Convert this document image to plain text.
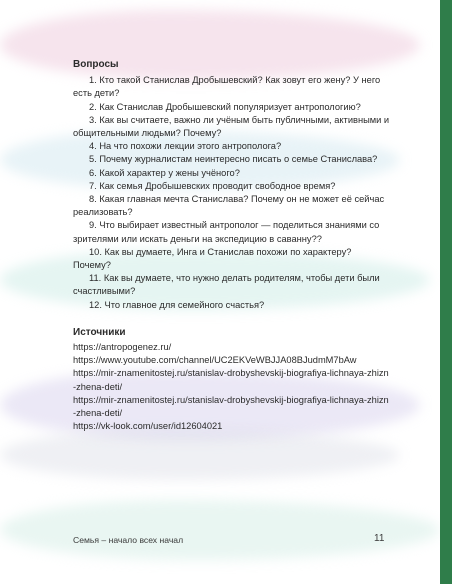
Вопросы

1. Кто такой Станислав Дробышевский? Как зовут его жену? У него есть дети?

2. Как Станислав Дробышевский популяризует антропологию?

3. Как вы считаете, важно ли учёным быть публичными, активными и общительными людьми? Почему?

4. На что похожи лекции этого антрополога?

5. Почему журналистам неинтересно писать о семье Станислава?

6. Какой характер у жены учёного?

7. Как семья Дробышевских проводит свободное время?

8. Какая главная мечта Станислава? Почему он не может её сейчас реализовать?

9. Что выбирает известный антрополог — поделиться знаниями со зрителями или искать деньги на экспедицию в саванну??

10. Как вы думаете, Инга и Станислав похожи по характеру? Почему?

11. Как вы думаете, что нужно делать родителям, чтобы дети были счастливыми?

12. Что главное для семейного счастья?

Источники

https://antropogenez.ru/

https://www.youtube.com/channel/UC2EKVeWBJJA08BJudmM7bAw

https://mir-znamenitostej.ru/stanislav-drobyshevskij-biografiya-lichnaya-zhizn-zhena-deti/

https://mir-znamenitostej.ru/stanislav-drobyshevskij-biografiya-lichnaya-zhizn-zhena-deti/

https://vk-look.com/user/id12604021

Семья – начало всех начал	11
